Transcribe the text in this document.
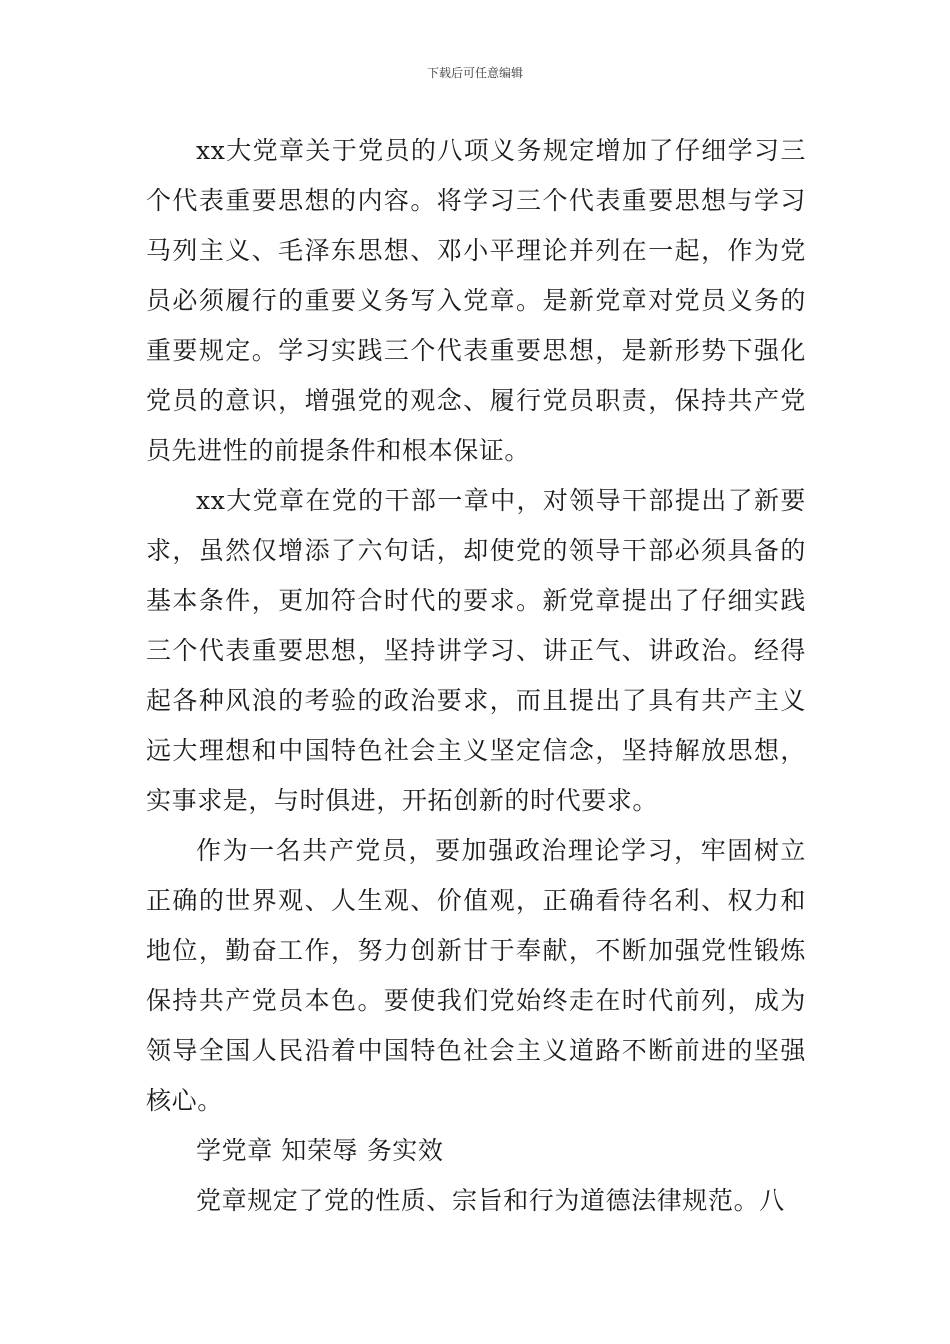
下载后可任意编辑

xx大党章关于党员的八项义务规定增加了仔细学习三个代表重要思想的内容。将学习三个代表重要思想与学习马列主义、毛泽东思想、邓小平理论并列在一起，作为党员必须履行的重要义务写入党章。是新党章对党员义务的重要规定。学习实践三个代表重要思想，是新形势下强化党员的意识，增强党的观念、履行党员职责，保持共产党员先进性的前提条件和根本保证。

xx大党章在党的干部一章中，对领导干部提出了新要求，虽然仅增添了六句话，却使党的领导干部必须具备的基本条件，更加符合时代的要求。新党章提出了仔细实践三个代表重要思想，坚持讲学习、讲正气、讲政治。经得起各种风浪的考验的政治要求，而且提出了具有共产主义远大理想和中国特色社会主义坚定信念，坚持解放思想，实事求是，与时俱进，开拓创新的时代要求。

作为一名共产党员，要加强政治理论学习，牢固树立正确的世界观、人生观、价值观，正确看待名利、权力和地位，勤奋工作，努力创新甘于奉献，不断加强党性锻炼保持共产党员本色。要使我们党始终走在时代前列，成为领导全国人民沿着中国特色社会主义道路不断前进的坚强核心。

学党章 知荣辱 务实效

党章规定了党的性质、宗旨和行为道德法律规范。八
